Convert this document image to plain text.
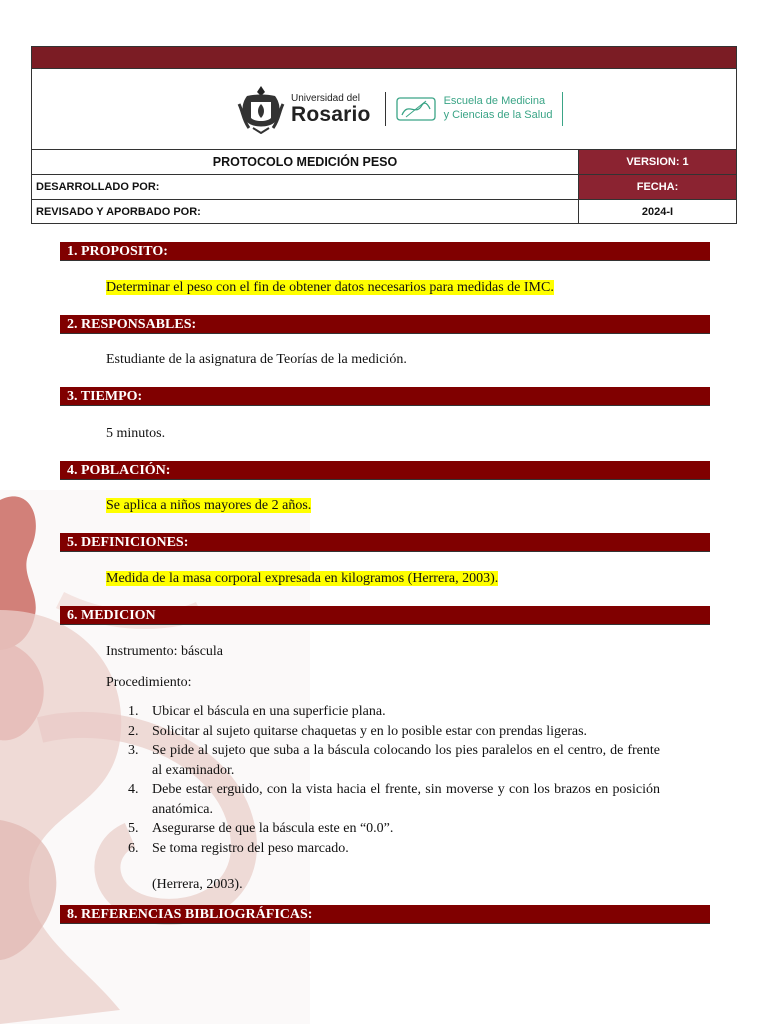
Universidad del
Rosario
Escuela de Medicina
y Ciencias de la Salud
PROTOCOLO MEDICIÓN PESO	VERSION: 1
DESARROLLADO POR:	FECHA:
REVISADO Y APORBADO POR:	2024-I
1. PROPOSITO:
Determinar el peso con el fin de obtener datos necesarios para medidas de IMC.
2. RESPONSABLES:
Estudiante de la asignatura de Teorías de la medición.
3. TIEMPO:
5 minutos.
4. POBLACIÓN:
Se aplica a niños mayores de 2 años.
5. DEFINICIONES:
Medida de la masa corporal expresada en kilogramos (Herrera, 2003).
6. MEDICION
Instrumento: báscula
Procedimiento:
1. Ubicar el báscula en una superficie plana.
2. Solicitar al sujeto quitarse chaquetas y en lo posible estar con prendas ligeras.
3. Se pide al sujeto que suba a la báscula colocando los pies paralelos en el centro, de frente al examinador.
4. Debe estar erguido, con la vista hacia el frente, sin moverse y con los brazos en posición anatómica.
5. Asegurarse de que la báscula este en “0.0”.
6. Se toma registro del peso marcado.
(Herrera, 2003).
8. REFERENCIAS BIBLIOGRÁFICAS:
